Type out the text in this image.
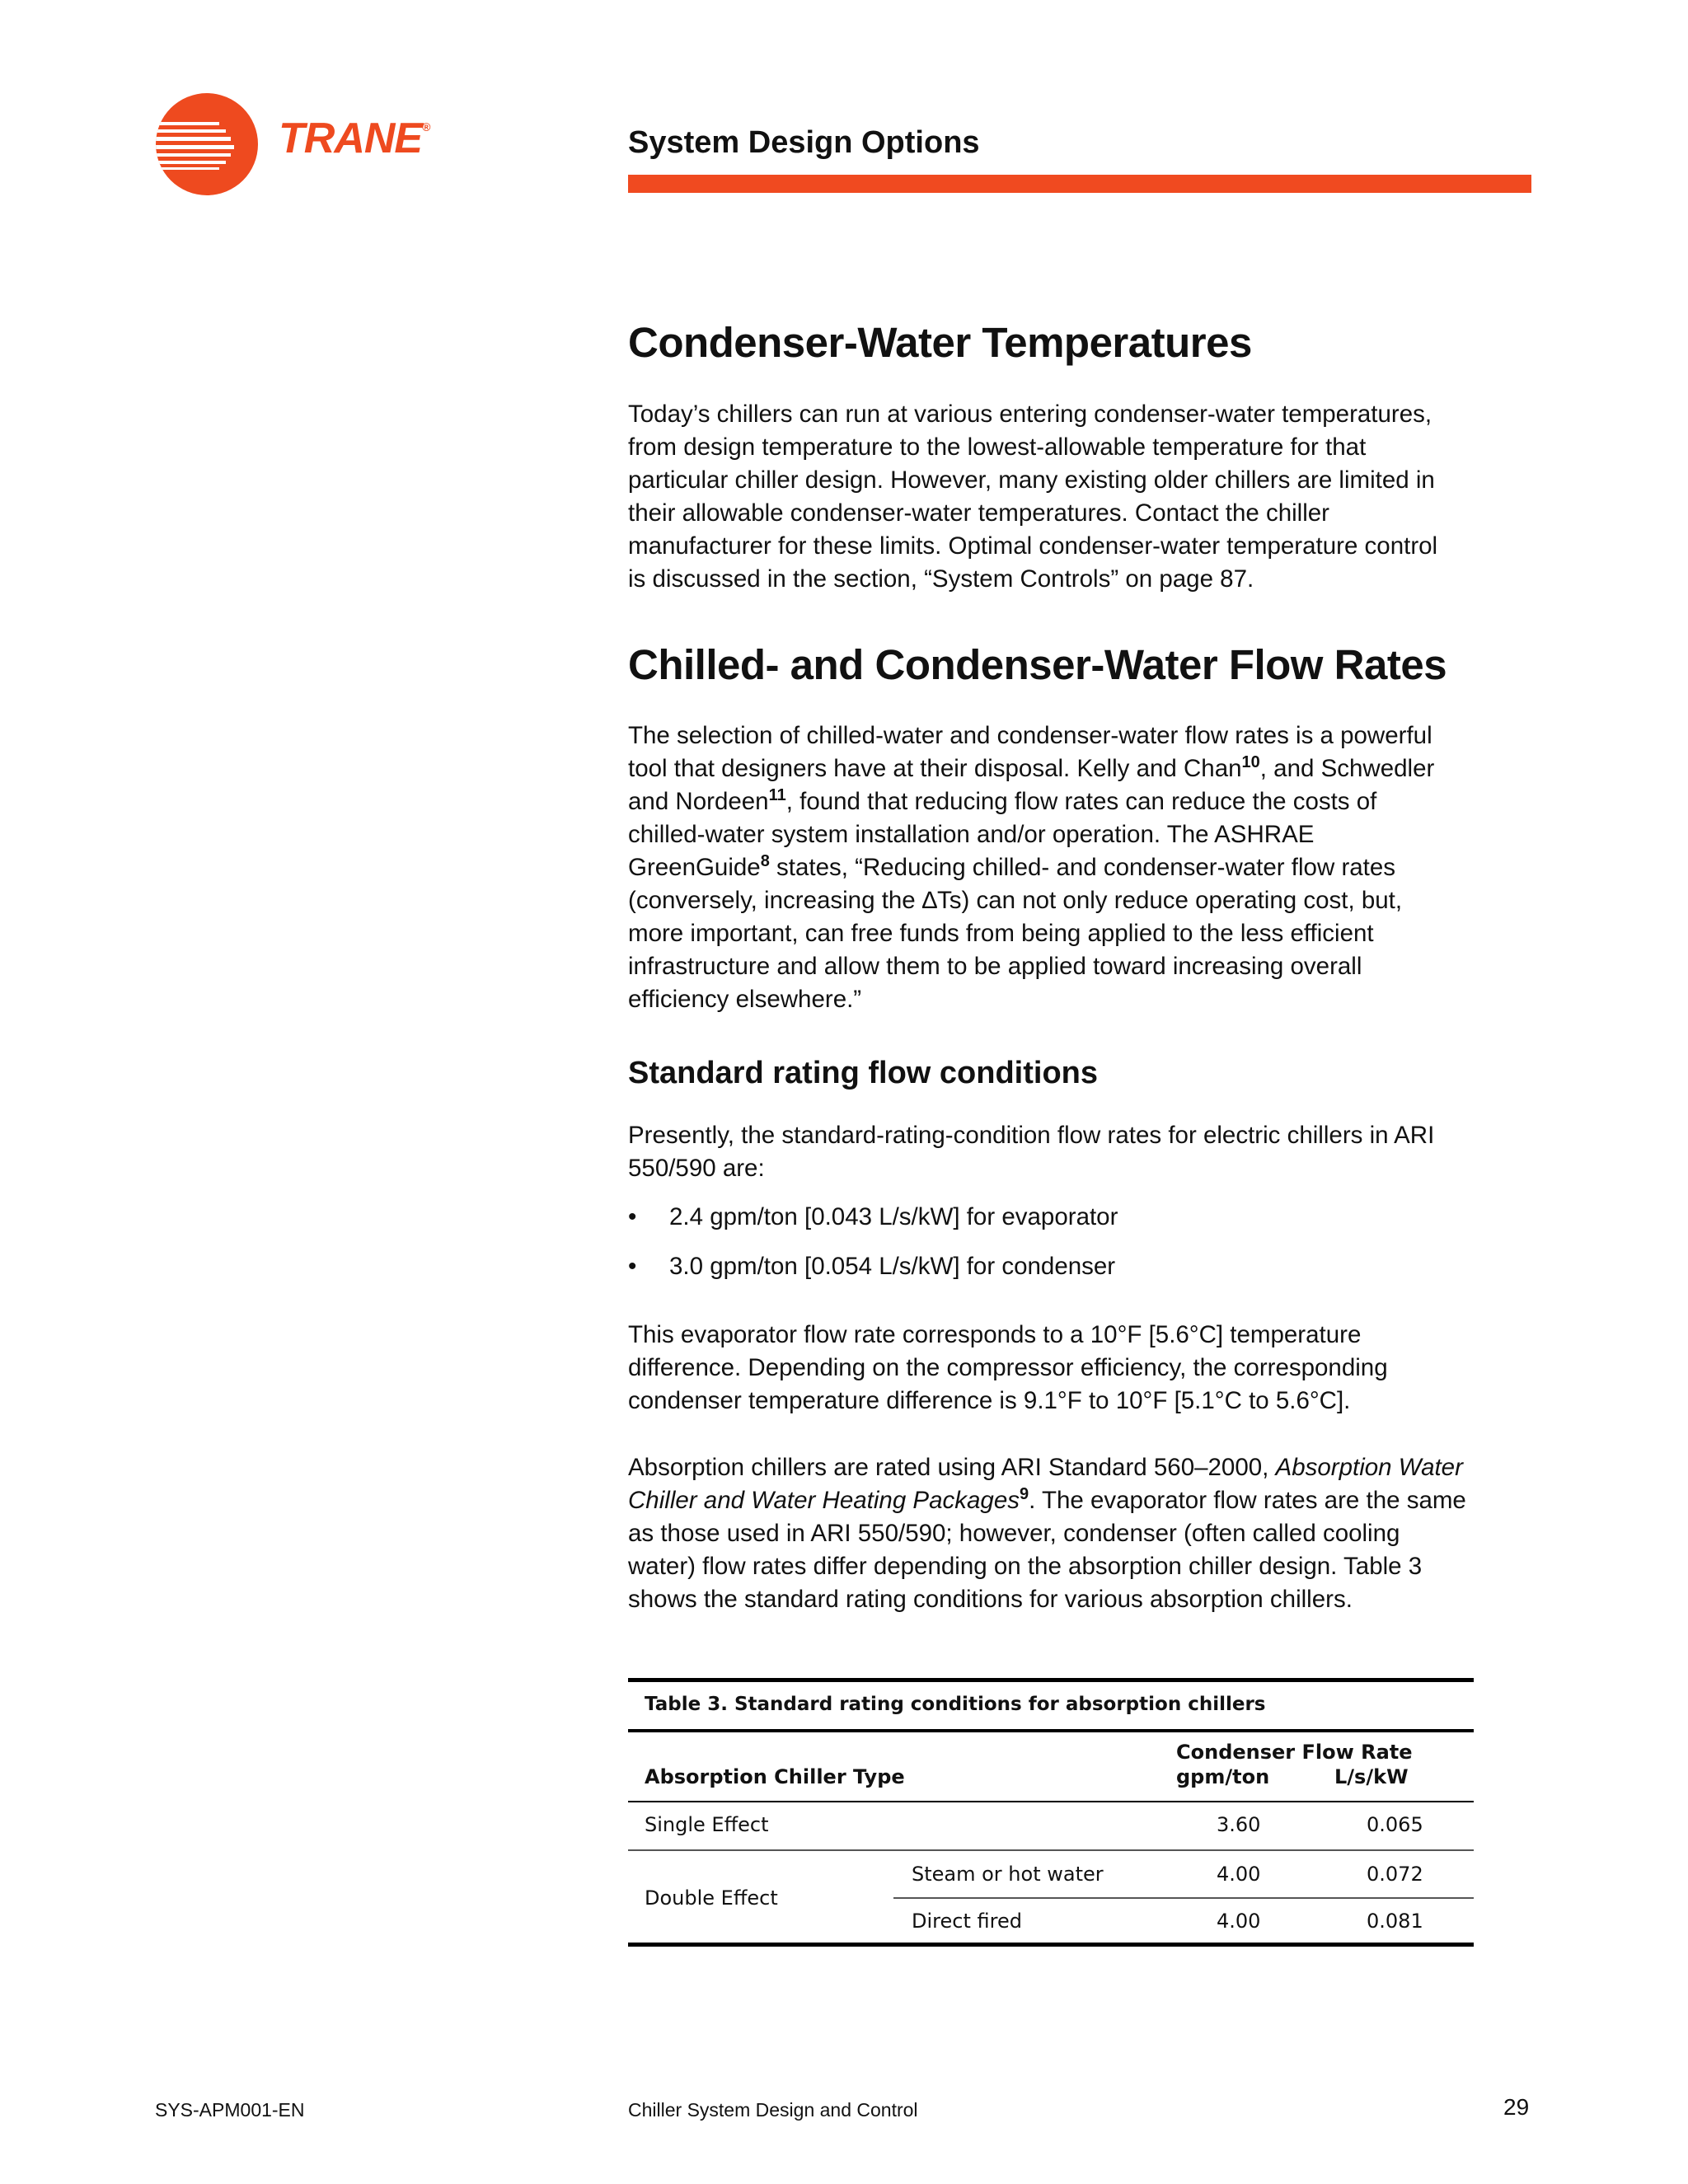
TRANE®	System Design Options
Condenser-Water Temperatures

Today’s chillers can run at various entering condenser-water temperatures,

from design temperature to the lowest-allowable temperature for that

particular chiller design. However, many existing older chillers are limited in

their allowable condenser-water temperatures. Contact the chiller

manufacturer for these limits. Optimal condenser-water temperature control

is discussed in the section, “System Controls” on page 87.

Chilled- and Condenser-Water Flow Rates

The selection of chilled-water and condenser-water flow rates is a powerful

tool that designers have at their disposal. Kelly and Chan$^{10}$, and Schwedler

and Nordeen$^{11}$, found that reducing flow rates can reduce the costs of

chilled-water system installation and/or operation. The ASHRAE

GreenGuide$^8$ states, “Reducing chilled- and condenser-water flow rates

(conversely, increasing the ∆Ts) can not only reduce operating cost, but,

more important, can free funds from being applied to the less efficient

infrastructure and allow them to be applied toward increasing overall

efficiency elsewhere.”

Standard rating flow conditions

Presently, the standard-rating-condition flow rates for electric chillers in ARI

550/590 are:

• 2.4 gpm/ton [0.043 L/s/kW] for evaporator
• 3.0 gpm/ton [0.054 L/s/kW] for condenser

This evaporator flow rate corresponds to a 10°F [5.6°C] temperature

difference. Depending on the compressor efficiency, the corresponding

condenser temperature difference is 9.1°F to 10°F [5.1°C to 5.6°C].

Absorption chillers are rated using ARI Standard 560–2000, Absorption Water

Chiller and Water Heating Packages$^9$. The evaporator flow rates are the same

as those used in ARI 550/590; however, condenser (often called cooling

water) flow rates differ depending on the absorption chiller design. Table 3

shows the standard rating conditions for various absorption chillers.

Table 3. Standard rating conditions for absorption chillers
Condenser Flow Rate
Absorption Chiller Type	gpm/ton	L/s/kW
Single Effect	3.60	0.065
Double Effect
Steam or hot water	4.00	0.072
Direct fired	4.00	0.081
SYS-APM001-EN	Chiller System Design and Control	29
